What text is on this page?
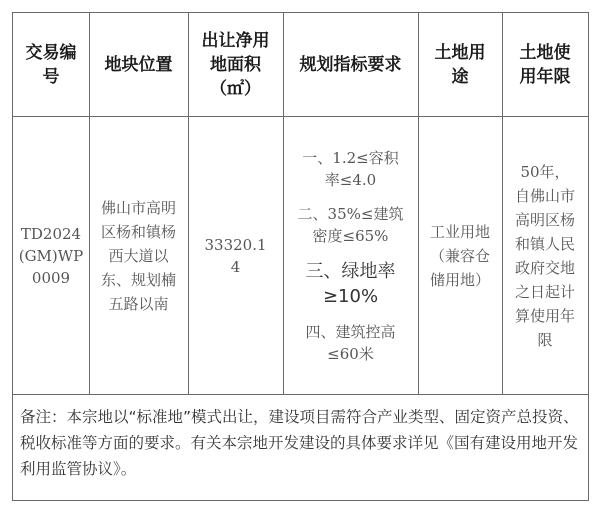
交易编号
地块位置
出让净用地面积（㎡）
规划指标要求
土地用途
土地使用年限
TD2024(GM)WP0009
佛山市高明区杨和镇杨西大道以东、规划楠五路以南
33320.14
一、1.2≤容积率≤4.0
二、35%≤建筑密度≤65%
三、绿地率≥10%
四、建筑控高≤60米
工业用地（兼容仓储用地）
50年，自佛山市高明区杨和镇人民政府交地之日起计算使用年限
备注：本宗地以“标准地”模式出让，建设项目需符合产业类型、固定资产总投资、税收标准等方面的要求。有关本宗地开发建设的具体要求详见《国有建设用地开发利用监管协议》。
